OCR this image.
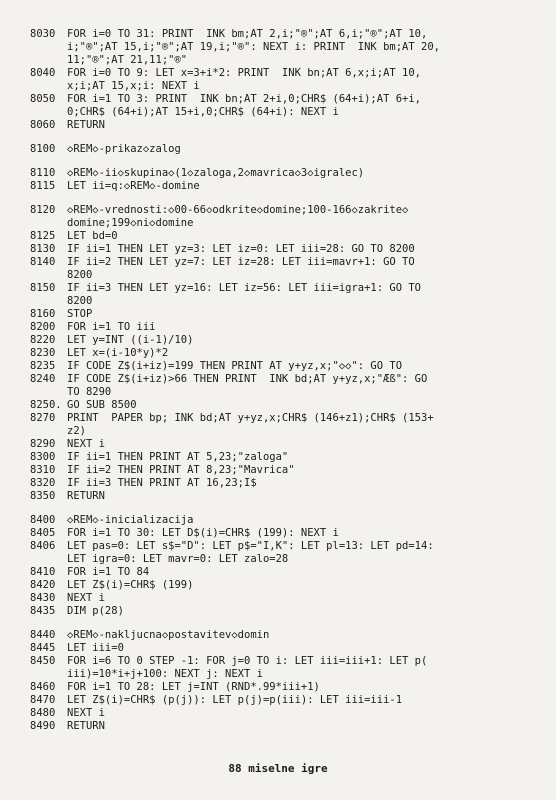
8030	FOR i=0 TO 31: PRINT  INK bm;AT 2,i;"®";AT 6,i;"®";AT 10,
i;"®";AT 15,i;"®";AT 19,i;"®": NEXT i: PRINT  INK bm;AT 20,
11;"®";AT 21,11;"®"
8040	FOR i=0 TO 9: LET x=3+i*2: PRINT  INK bn;AT 6,x;i;AT 10,
x;i;AT 15,x;i: NEXT i
8050	FOR i=1 TO 3: PRINT  INK bn;AT 2+i,0;CHR$ (64+i);AT 6+i,
0;CHR$ (64+i);AT 15+i,0;CHR$ (64+i): NEXT i
8060	RETURN
8100	◇REM◇-prikaz◇zalog
8110	◇REM◇-ii◇skupina◇(1◇zaloga,2◇mavrica◇3◇igralec)
8115	LET ii=q:◇REM◇-domine
8120	◇REM◇-vrednosti:◇00-66◇odkrite◇domine;100-166◇zakrite◇
domine;199◇ni◇domine
8125	LET bd=0
8130	IF ii=1 THEN LET yz=3: LET iz=0: LET iii=28: GO TO 8200
8140	IF ii=2 THEN LET yz=7: LET iz=28: LET iii=mavr+1: GO TO
8200
8150	IF ii=3 THEN LET yz=16: LET iz=56: LET iii=igra+1: GO TO
8200
8160	STOP
8200	FOR i=1 TO iii
8220	LET y=INT ((i-1)/10)
8230	LET x=(i-10*y)*2
8235	IF CODE Z$(i+iz)=199 THEN PRINT AT y+yz,x;"◇◇": GO TO
8240	IF CODE Z$(i+iz)>66 THEN PRINT  INK bd;AT y+yz,x;"Æß": GO
TO 8290
8250. GO SUB 8500
8270	PRINT  PAPER bp; INK bd;AT y+yz,x;CHR$ (146+z1);CHR$ (153+
z2)
8290	NEXT i
8300	IF ii=1 THEN PRINT AT 5,23;"zaloga"
8310	IF ii=2 THEN PRINT AT 8,23;"Mavrica"
8320	IF ii=3 THEN PRINT AT 16,23;I$
8350	RETURN
8400	◇REM◇-inicializacija
8405	FOR i=1 TO 30: LET D$(i)=CHR$ (199): NEXT i
8406	LET pas=0: LET s$="D": LET p$="I,K": LET pl=13: LET pd=14:
LET igra=0: LET mavr=0: LET zalo=28
8410	FOR i=1 TO 84
8420	LET Z$(i)=CHR$ (199)
8430	NEXT i
8435	DIM p(28)
8440	◇REM◇-nakljucna◇postavitev◇domin
8445	LET iii=0
8450	FOR i=6 TO 0 STEP -1: FOR j=0 TO i: LET iii=iii+1: LET p(
iii)=10*i+j+100: NEXT j: NEXT i
8460	FOR i=1 TO 28: LET j=INT (RND*.99*iii+1)
8470	LET Z$(i)=CHR$ (p(j)): LET p(j)=p(iii): LET iii=iii-1
8480	NEXT i
8490	RETURN
88 miselne igre
